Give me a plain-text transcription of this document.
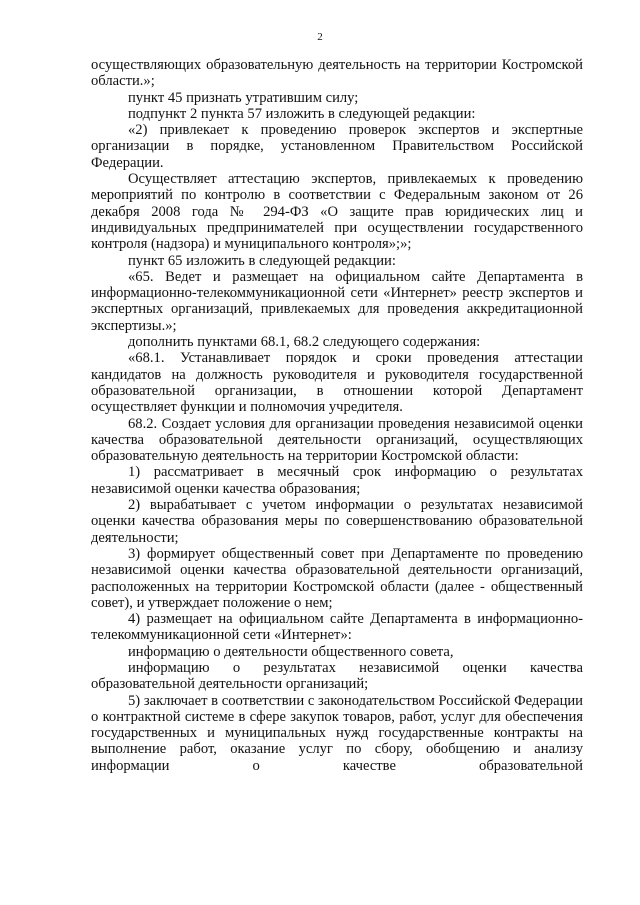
2

осуществляющих образовательную деятельность на территории Костромской области.»;

пункт 45 признать утратившим силу;

подпункт 2 пункта 57 изложить в следующей редакции:

«2) привлекает к проведению проверок экспертов и экспертные организации в порядке, установленном Правительством Российской Федерации.

Осуществляет аттестацию экспертов, привлекаемых к проведению мероприятий по контролю в соответствии с Федеральным законом от 26 декабря 2008 года № 294-ФЗ «О защите прав юридических лиц и индивидуальных предпринимателей при осуществлении государственного контроля (надзора) и муниципального контроля»;»;

пункт 65 изложить в следующей редакции:

«65. Ведет и размещает на официальном сайте Департамента в информационно-телекоммуникационной сети «Интернет» реестр экспертов и экспертных организаций, привлекаемых для проведения аккредитационной экспертизы.»;

дополнить пунктами 68.1, 68.2 следующего содержания:

«68.1. Устанавливает порядок и сроки проведения аттестации кандидатов на должность руководителя и руководителя государственной образовательной организации, в отношении которой Департамент осуществляет функции и полномочия учредителя.

68.2. Создает условия для организации проведения независимой оценки качества образовательной деятельности организаций, осуществляющих образовательную деятельность на территории Костромской области:

1) рассматривает в месячный срок информацию о результатах независимой оценки качества образования;

2) вырабатывает с учетом информации о результатах независимой оценки качества образования меры по совершенствованию образовательной деятельности;

3) формирует общественный совет при Департаменте по проведению независимой оценки качества образовательной деятельности организаций, расположенных на территории Костромской области (далее - общественный совет), и утверждает положение о нем;

4) размещает на официальном сайте Департамента в информационно-телекоммуникационной сети «Интернет»:

информацию о деятельности общественного совета,

информацию о результатах независимой оценки качества образовательной деятельности организаций;

5) заключает в соответствии с законодательством Российской Федерации о контрактной системе в сфере закупок товаров, работ, услуг для обеспечения государственных и муниципальных нужд государственные контракты на выполнение работ, оказание услуг по сбору, обобщению и анализу информации о качестве образовательной
